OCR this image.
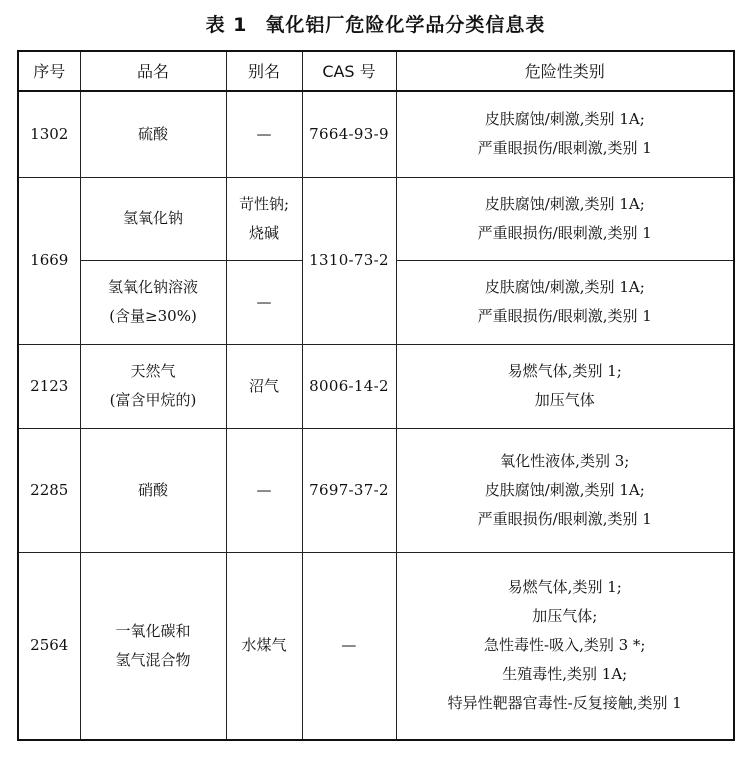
表 1 氧化铝厂危险化学品分类信息表
序号	品名	别名	CAS 号	危险性类别
1302	硫酸	—	7664-93-9	皮肤腐蚀/刺激,类别 1A;
严重眼损伤/眼刺激,类别 1

1669	氢氧化钠	苛性钠;
烧碱	1310-73-2	皮肤腐蚀/刺激,类别 1A;
严重眼损伤/眼刺激,类别 1

	氢氧化钠溶液
(含量≥30%)	—		皮肤腐蚀/刺激,类别 1A;
严重眼损伤/眼刺激,类别 1

2123	天然气
(富含甲烷的)	沼气	8006-14-2	易燃气体,类别 1;
加压气体

2285	硝酸	—	7697-37-2	氧化性液体,类别 3;
皮肤腐蚀/刺激,类别 1A;
严重眼损伤/眼刺激,类别 1

2564	一氧化碳和
氢气混合物	水煤气	—	易燃气体,类别 1;
加压气体;
急性毒性-吸入,类别 3 *;
生殖毒性,类别 1A;
特异性靶器官毒性-反复接触,类别 1
